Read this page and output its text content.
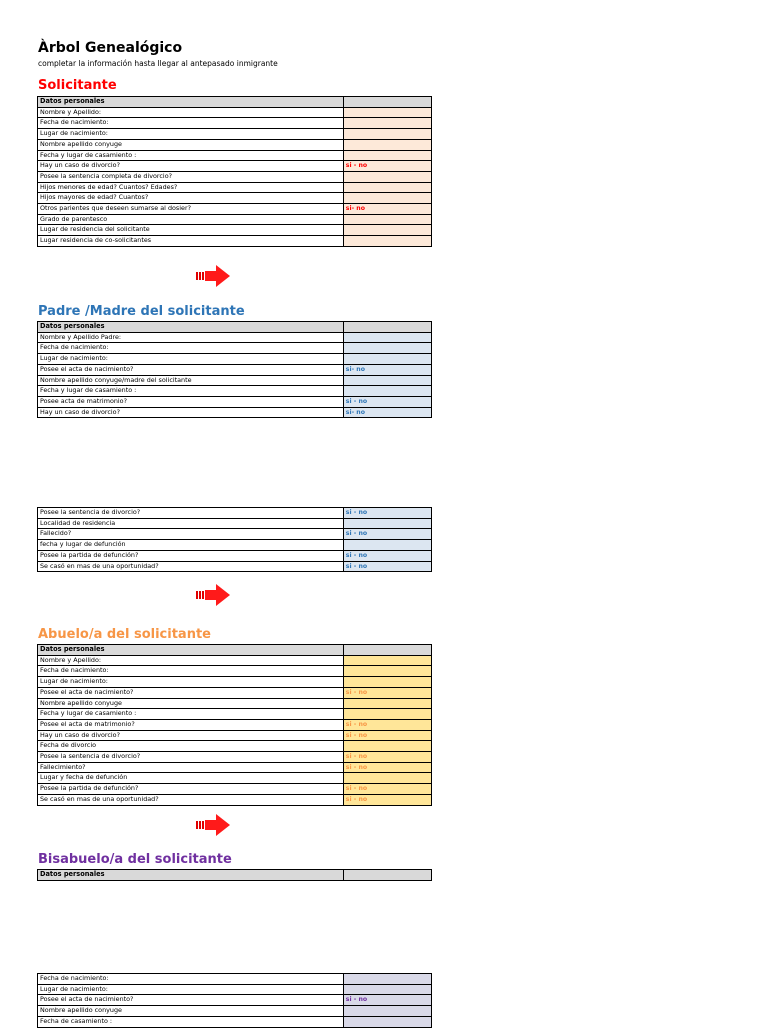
Àrbol Genealógico
completar la información hasta llegar al antepasado inmigrante
Solicitante
Datos personales	
Nombre y Apellido:	
Fecha de nacimiento:	
Lugar de nacimiento:	
Nombre apellido conyuge	
Fecha y lugar de casamiento :	
Hay un caso de divorcio?	si - no
Posee la sentencia completa de divorcio?	
Hijos menores de edad? Cuantos? Edades?	
Hijos mayores de edad? Cuantos?	
Otros parientes que deseen sumarse al dosier?	si- no
Grado de parentesco	
Lugar de residencia del solicitante	
Lugar residencia de co-solicitantes	
Padre /Madre del solicitante
Datos personales	
Nombre y Apellido Padre:	
Fecha de nacimiento:	
Lugar de nacimiento:	
Posee el acta de nacimiento?	si- no
Nombre apellido conyuge/madre del solicitante	
Fecha y lugar de casamiento :	
Posee acta de matrimonio?	si - no
Hay un caso de divorcio?	si- no
Posee la sentencia de divorcio?	si - no
Localidad de residencia	
Fallecido?	si - no
fecha y lugar de defunción	
Posee la partida de defunción?	si - no
Se casó en mas de una oportunidad?	si - no
Abuelo/a del solicitante
Datos personales	
Nombre y Apellido:	
Fecha de nacimiento:	
Lugar de nacimiento:	
Posee el acta de nacimiento?	si - no
Nombre apellido conyuge	
Fecha y lugar de casamiento :	
Posee el acta de matrimonio?	si - no
Hay un caso de divorcio?	si - no
Fecha de divorcio	
Posee la sentencia de divorcio?	si - no
Fallecimiento?	si - no
Lugar y fecha de defunción	
Posee la partida de defunción?	si - no
Se casó en mas de una oportunidad?	si - no
Bisabuelo/a del solicitante
Datos personales	
Fecha de nacimiento:	
Lugar de nacimiento:	
Posee el acta de nacimiento?	si - no
Nombre apellido conyuge	
Fecha de casamiento :	
